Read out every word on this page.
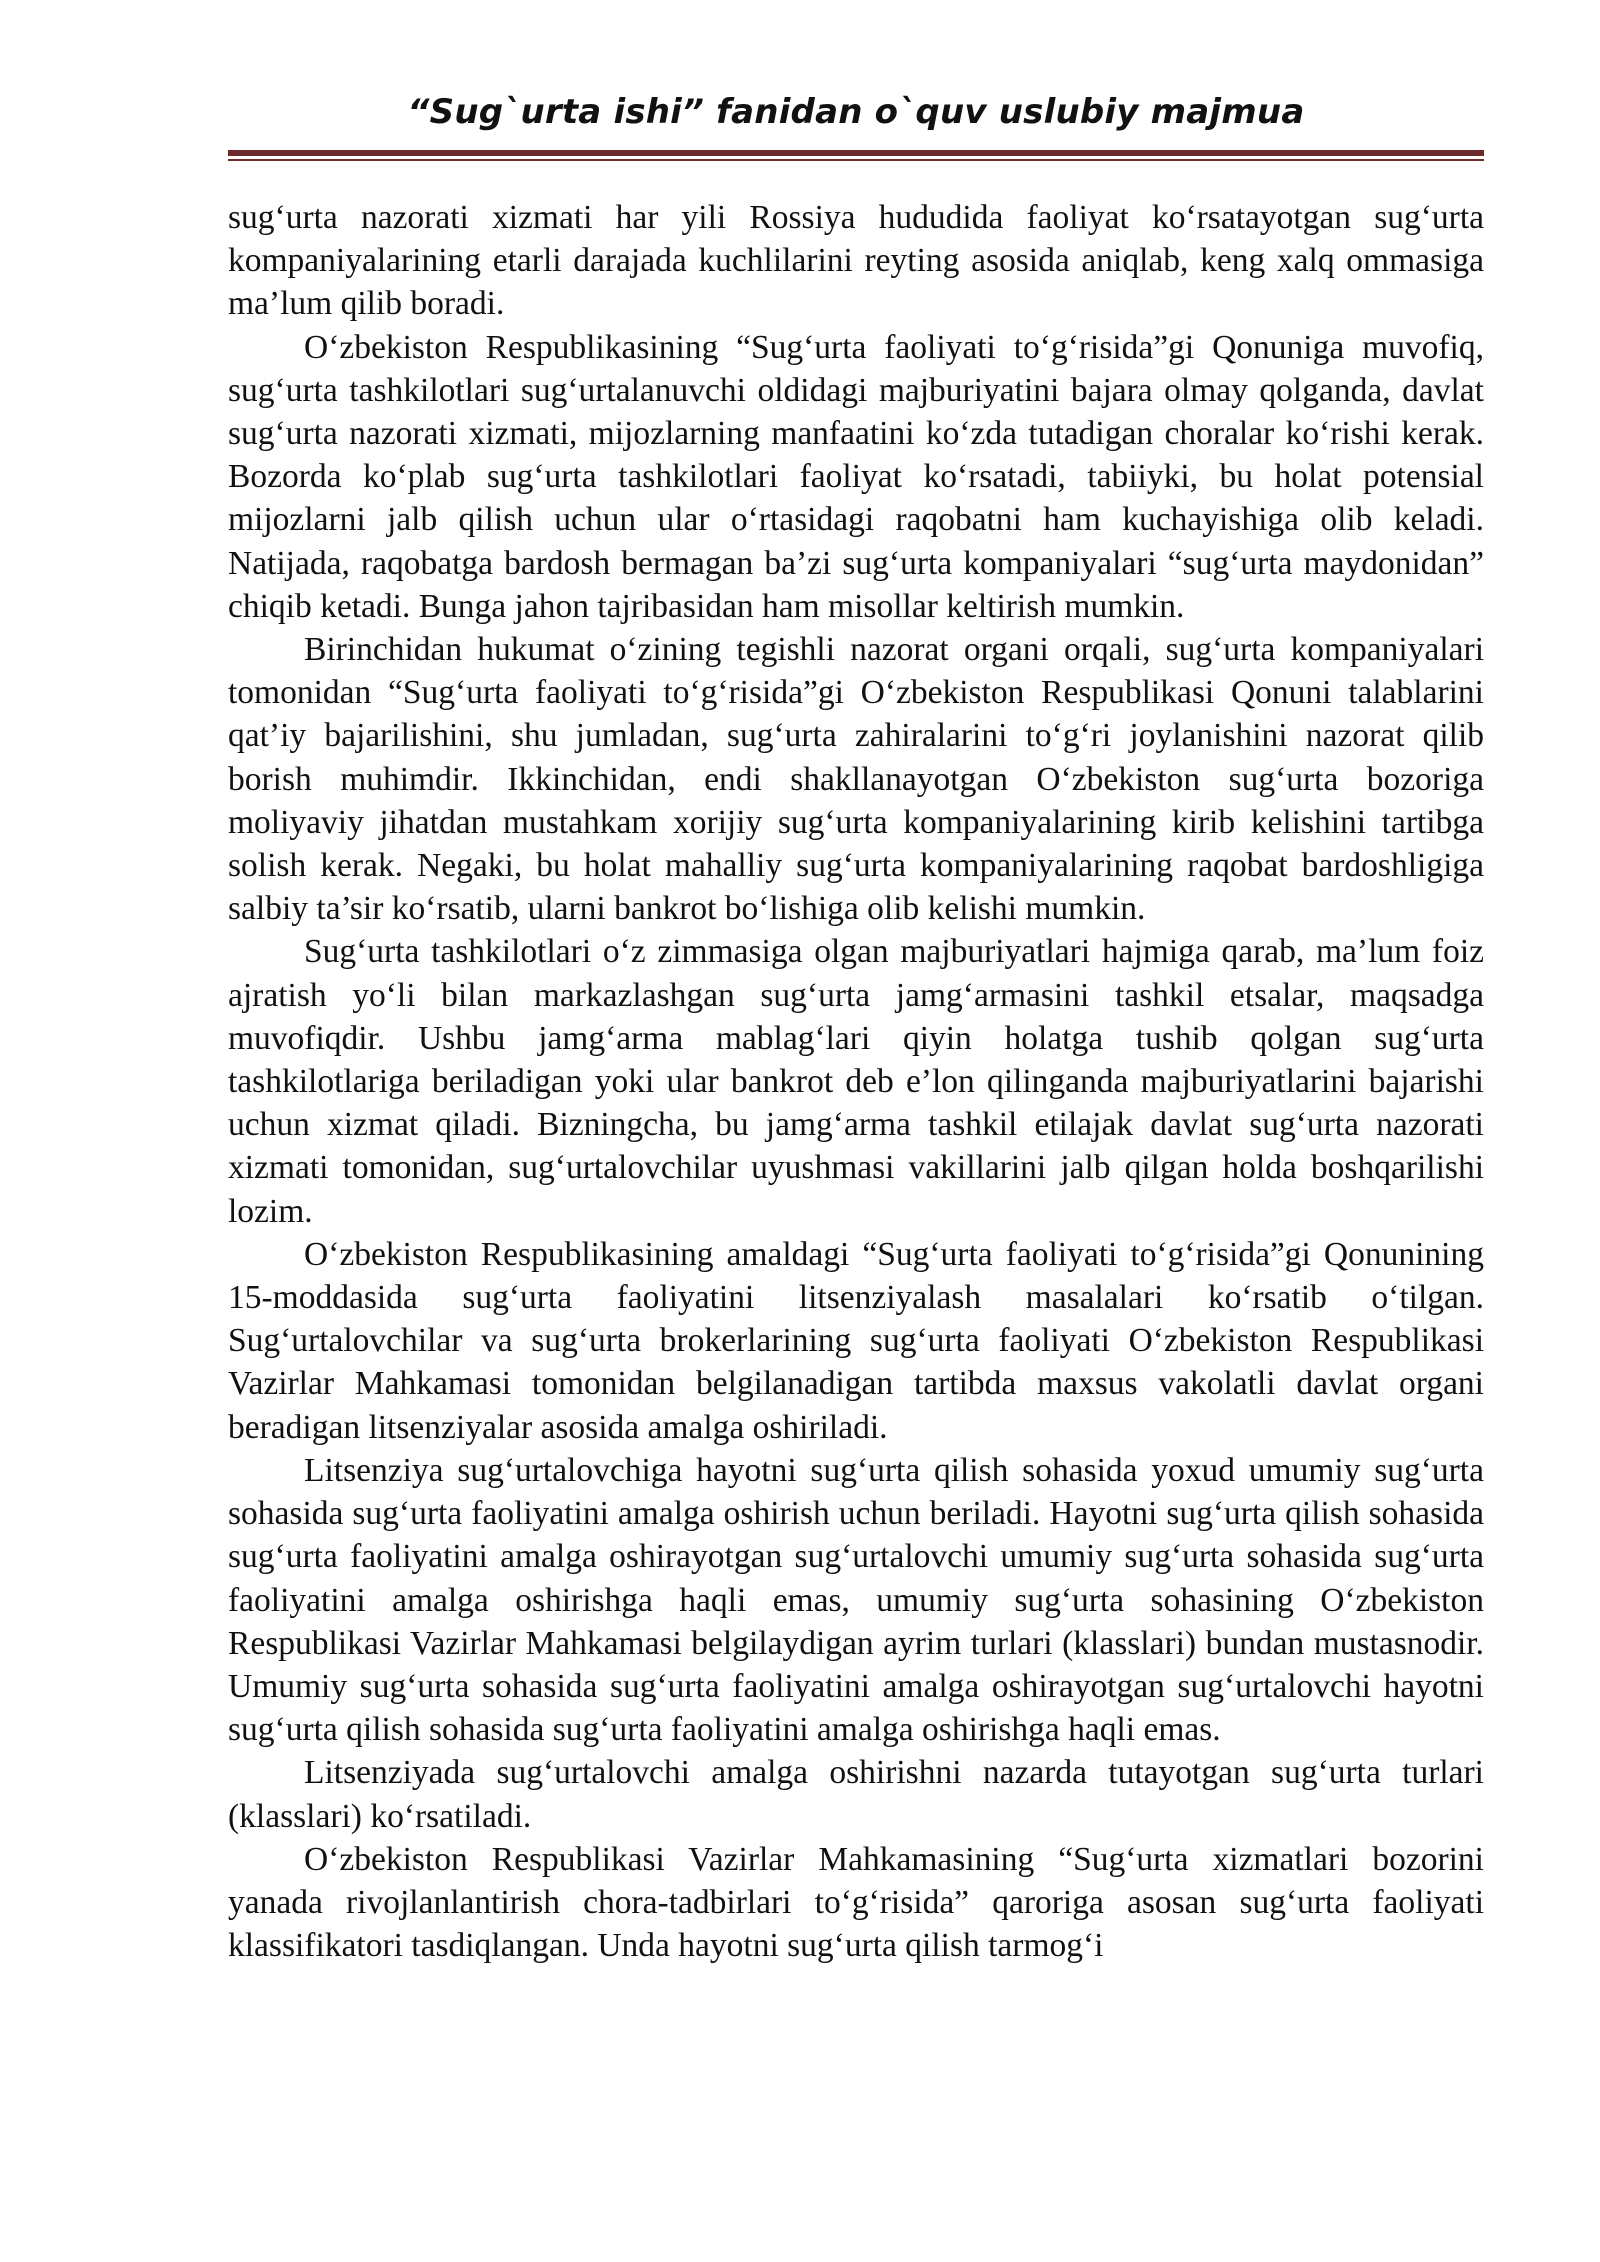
“Sug`urta ishi” fanidan o`quv uslubiy majmua

sug‘urta nazorati xizmati har yili Rossiya hududida faoliyat ko‘rsatayotgan sug‘urta kompaniyalarining etarli darajada kuchlilarini reyting asosida aniqlab, keng xalq ommasiga ma’lum qilib boradi.

O‘zbekiston Respublikasining “Sug‘urta faoliyati to‘g‘risida”gi Qonuniga muvofiq, sug‘urta tashkilotlari sug‘urtalanuvchi oldidagi majburiyatini bajara olmay qolganda, davlat sug‘urta nazorati xizmati, mijozlarning manfaatini ko‘zda tutadigan choralar ko‘rishi kerak. Bozorda ko‘plab sug‘urta tashkilotlari faoliyat ko‘rsatadi, tabiiyki, bu holat potensial mijozlarni jalb qilish uchun ular o‘rtasidagi raqobatni ham kuchayishiga olib keladi. Natijada, raqobatga bardosh bermagan ba’zi sug‘urta kompaniyalari “sug‘urta maydonidan” chiqib ketadi. Bunga jahon tajribasidan ham misollar keltirish mumkin.

Birinchidan hukumat o‘zining tegishli nazorat organi orqali, sug‘urta kompaniyalari tomonidan “Sug‘urta faoliyati to‘g‘risida”gi O‘zbekiston Respublikasi Qonuni talablarini qat’iy bajarilishini, shu jumladan, sug‘urta zahiralarini to‘g‘ri joylanishini nazorat qilib borish muhimdir. Ikkinchidan, endi shakllanayotgan O‘zbekiston sug‘urta bozoriga moliyaviy jihatdan mustahkam xorijiy sug‘urta kompaniyalarining kirib kelishini tartibga solish kerak. Negaki, bu holat mahalliy sug‘urta kompaniyalarining raqobat bardoshligiga salbiy ta’sir ko‘rsatib, ularni bankrot bo‘lishiga olib kelishi mumkin.

Sug‘urta tashkilotlari o‘z zimmasiga olgan majburiyatlari hajmiga qarab, ma’lum foiz ajratish yo‘li bilan markazlashgan sug‘urta jamg‘armasini tashkil etsalar, maqsadga muvofiqdir. Ushbu jamg‘arma mablag‘lari qiyin holatga tushib qolgan sug‘urta tashkilotlariga beriladigan yoki ular bankrot deb e’lon qilinganda majburiyatlarini bajarishi uchun xizmat qiladi. Bizningcha, bu jamg‘arma tashkil etilajak davlat sug‘urta nazorati xizmati tomonidan, sug‘urtalovchilar uyushmasi vakillarini jalb qilgan holda boshqarilishi lozim.

O‘zbekiston Respublikasining amaldagi “Sug‘urta faoliyati to‘g‘risida”gi Qonunining 15-moddasida sug‘urta faoliyatini litsenziyalash masalalari ko‘rsatib o‘tilgan. Sug‘urtalovchilar va sug‘urta brokerlarining sug‘urta faoliyati O‘zbekiston Respublikasi Vazirlar Mahkamasi tomonidan belgilanadigan tartibda maxsus vakolatli davlat organi beradigan litsenziyalar asosida amalga oshiriladi.

Litsenziya sug‘urtalovchiga hayotni sug‘urta qilish sohasida yoxud umumiy sug‘urta sohasida sug‘urta faoliyatini amalga oshirish uchun beriladi. Hayotni sug‘urta qilish sohasida sug‘urta faoliyatini amalga oshirayotgan sug‘urtalovchi umumiy sug‘urta sohasida sug‘urta faoliyatini amalga oshirishga haqli emas, umumiy sug‘urta sohasining O‘zbekiston Respublikasi Vazirlar Mahkamasi belgilaydigan ayrim turlari (klasslari) bundan mustasnodir. Umumiy sug‘urta sohasida sug‘urta faoliyatini amalga oshirayotgan sug‘urtalovchi hayotni sug‘urta qilish sohasida sug‘urta faoliyatini amalga oshirishga haqli emas.

Litsenziyada sug‘urtalovchi amalga oshirishni nazarda tutayotgan sug‘urta turlari (klasslari) ko‘rsatiladi.

O‘zbekiston Respublikasi Vazirlar Mahkamasining “Sug‘urta xizmatlari bozorini yanada rivojlanlantirish chora-tadbirlari to‘g‘risida” qaroriga asosan sug‘urta faoliyati klassifikatori tasdiqlangan. Unda hayotni sug‘urta qilish tarmog‘i
